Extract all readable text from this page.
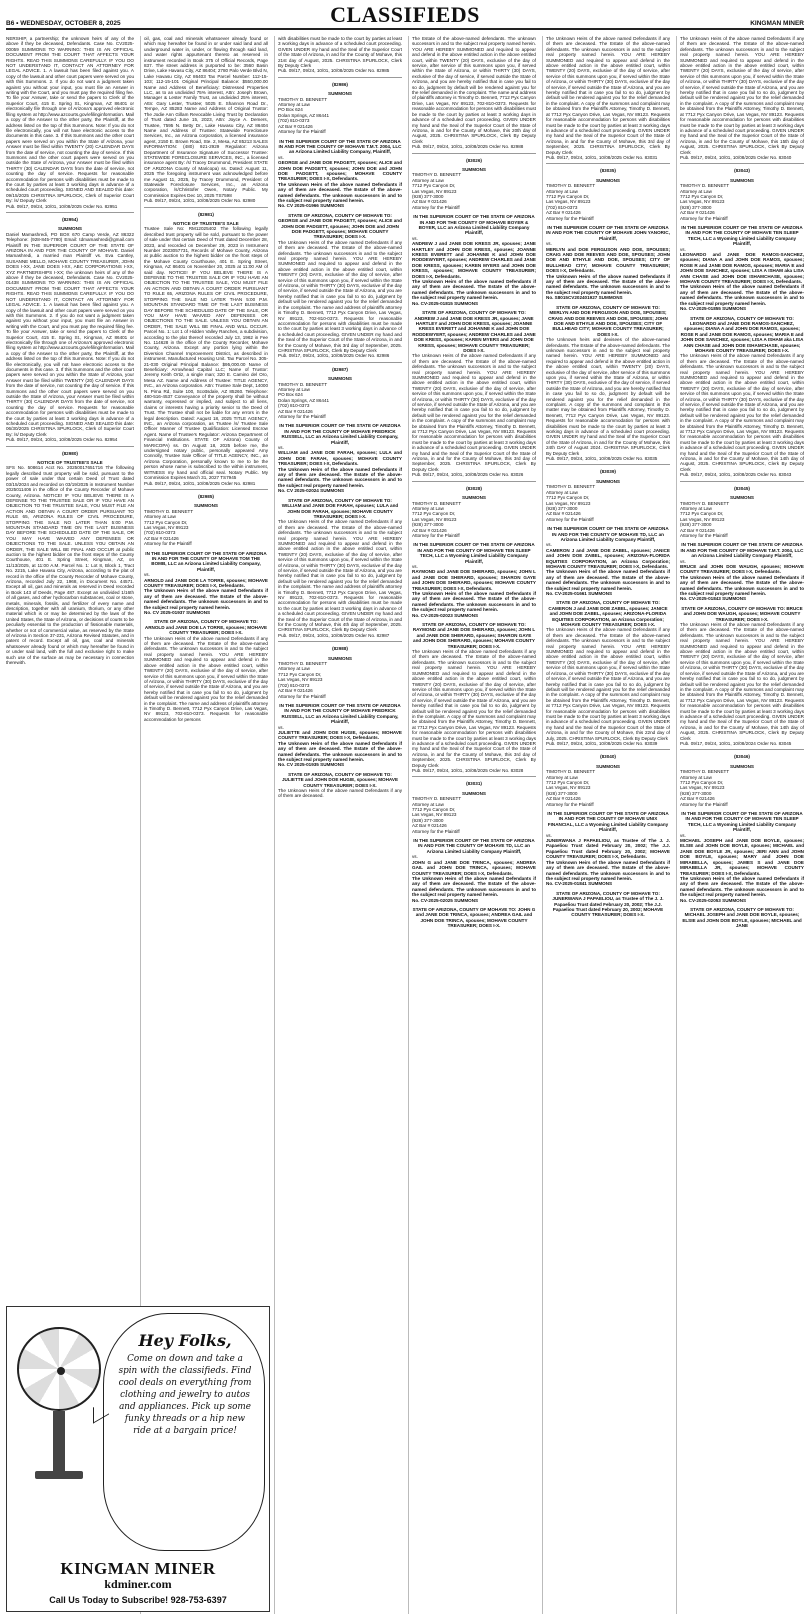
B6 • WEDNESDAY, OCTOBER 8, 2025	CLASSIFIEDS	KINGMAN MINER

NERSHIP, a partnership; the unknown heirs of any of the above if they be deceased, Defendants. Case No. CV2025-00059 SUMMONS TO WARNING: THIS IS AN OFFICIAL DOCUMENT FROM THE COURT THAT AFFECTS YOUR RIGHTS. READ THIS SUMMONS CAREFULLY. IF YOU DO NOT UNDERSTAND IT, CONTACT AN ATTORNEY FOR LEGAL ADVICE. 1. A lawsuit has been filed against you. A copy of the lawsuit and other court papers were served on you with this Summons. 2. If you do not want a judgment taken against you without your input, you must file an Answer in writing with the Court, and you must pay the required filing fee. To file your Answer, take or send the papers to Clerk of the Superior Court, 415 E. Spring St., Kingman, AZ 86401 or electronically file through one of Arizona's approved electronic filing system at http://www.azcourts.gov/efilinginformation. Mail a copy of the Answer to the other party, the Plaintiff, at the address listed on the top of this Summons. Note: If you do not file electronically, you will not have electronic access to the documents in this case. 3. If this Summons and the other court papers were served on you within the State of Arizona, your Answer must be filed within TWENTY (20) CALENDAR DAYS from the date of service, not counting the day of service. If this Summons and the other court papers were served on you outside the State of Arizona, your Answer must be filed within THIRTY (30) CALENDAR DAYS from the date of service, not counting the day of service. Requests for reasonable accommodation for persons with disabilities must be made to the court by parties at least 3 working days in advance of a scheduled court proceeding. SIGNED AND SEALED this date: 09/15/2025 CHRISTINA SPURLOCK, Clerk of Superior Court By: /s/ Deputy Clerk

Pub. 09/17, 09/24, 10/01, 10/08/2025 Order No. 82951

(82954)

SUMMONS

Daniel Mamashredi, PO BOX 670 Camp Verde, AZ 86322 Telephone: (928-845-7780) Email: tdmamashredi@gmail.com Plaintiff IN THE SUPERIOR COURT OF THE STATE OF ARIZONA IN AND FOR THE COUNTY OF MOHAVE. Daniel Mamashredi, a married man Plaintiff vs. Eva Cantley, SUSANNE MELLO, MOHAVE COUNTY TREASURER, JOHN DOES I-XX, JANE DOES I-XX, ABC CORPORATIONS I-XX, XYZ PARTNERSHIPS I-XX; the unknown heirs of any of the above if they be deceased, Defendants. Case No. CV2025-01438 SUMMONS TO WARNING: THIS IS AN OFFICIAL DOCUMENT FROM THE COURT THAT AFFECTS YOUR RIGHTS. READ THIS SUMMONS CAREFULLY. IF YOU DO NOT UNDERSTAND IT, CONTACT AN ATTORNEY FOR LEGAL ADVICE. 1. A lawsuit has been filed against you. A copy of the lawsuit and other court papers were served on you with this Summons. 2. If you do not want a judgment taken against you without your input, you must file an Answer in writing with the Court, and you must pay the required filing fee. To file your Answer, take or send the papers to Clerk of the Superior Court, 415 E. Spring St., Kingman, AZ 86401 or electronically file through one of Arizona's approved electronic filing system at http://www.azcourts.gov/efilinginformation. Mail a copy of the Answer to the other party, the Plaintiff, at the address listed on the top of this Summons. Note: If you do not file electronically, you will not have electronic access to the documents in this case. 3. If this Summons and the other court papers were served on you within the State of Arizona, your Answer must be filed within TWENTY (20) CALENDAR DAYS from the date of service, not counting the day of service. If this Summons and the other court papers were served on you outside the State of Arizona, your Answer must be filed within THIRTY (30) CALENDAR DAYS from the date of service, not counting the day of service. Requests for reasonable accommodation for persons with disabilities must be made to the court by parties at least 3 working days in advance of a scheduled court proceeding. SIGNED AND SEALED this date: 06/30/2025 CHRISTINA SPURLOCK, Clerk of Superior Court By: /s/ Deputy Clerk

Pub. 09/17, 09/24, 10/01, 10/08/2025 Order No. 82954

(82980)

NOTICE OF TRUSTEE'S SALE

SFS No. 508614 Acct No. 20250017651716 The following legally described trust property will be sold, pursuant to the power of sale under that certain Deed of Trust dated 03/15/2024 and recorded on 03/19/2025 in Instrument Number 2025011406 in the office of the County Recorder of Mohave County, Arizona. NOTICE! IF YOU BELIEVE THERE IS A DEFENSE TO THE TRUSTEE SALE OR IF YOU HAVE AN OBJECTION TO THE TRUSTEE SALE, YOU MUST FILE AN ACTION AND OBTAIN A COURT ORDER PURSUANT TO RULE 65, ARIZONA RULES OF CIVIL PROCEDURE, STOPPING THE SALE NO LATER THAN 5:00 P.M. MOUNTAIN STANDARD TIME ON THE LAST BUSINESS DAY BEFORE THE SCHEDULED DATE OF THE SALE, OR YOU MAY HAVE WAIVED ANY DEFENSES OR OBJECTIONS TO THE SALE. UNLESS YOU OBTAIN AN ORDER, THE SALE WILL BE FINAL AND OCCUR at public auction to the highest bidder on the front steps of the County Courthouse, 401 E. Spring Street, Kingman, AZ, on 11/13/2025, at 11:00 A.M. Parcel No. 1: Lot 8, Block 1, Tract No. 2215, Lake Havasu City, Arizona, according to the plat of record in the office of the County Recorder of Mohave County, Arizona, recorded July 22, 1968, in Document No. 44571. Except all oil, gas and minerals as reserved in Deed recorded in Book 143 of Deeds, Page 487. Except an undivided 1/16th of all gases, and other hydrocarbon substances, coal or stone, metals, minerals, fossils, and fertilizer of every name and description, together with all uranium, thorium, or any other material which is or may be determined by the laws of the United States, the State of Arizona, or decisions of courts to be peculiarly essential to the production of fissionable materials, whether or not of commercial value, as reserved by the State of Arizona in Section 37-231, Arizona Revised Statutes, and in patent of record. Except all oil, gas, coal and minerals whatsoever already found or which may hereafter be found in or under said land, with the full and exclusive right to make such use of the surface as may be necessary in connection therewith.

oil, gas, coal and minerals whatsoever already found or which may hereafter be found in or under said land and all underground water in, under, or flowing through said land, and water rights appurtenant thereto as reserved in instrument recorded in Book 375 of Official Records, Page 837. The street address is purported to be: 3560 Basin Drive, Lake Havasu City, AZ 86404; 2780 Palo Verde Blvd N, Lake Havasu City, AZ 86403 Tax Parcel Number: 112-15-103; 112-15-101 Original Principal Balance: $550,000.00 Name and Address of Beneficiary: Distressed Properties LLC, as to an undivided 75% interest, Attn: Joseph Brown, Manager & Lester Family Trust, an undivided 25% interest, Attn: Gary Lester, Trustee; 5025 E. Shannon Road Dr., Tempe, AZ 85283 Name and Address of Original Trustor: The Jodie Ann Gillam Revocable Living Trust by Declaration of Trust dated June 15, 2023, Attn: Joyce A. Demers, Trustee, 7595 N. Betty Dr., Lake Havasu City, AZ 86404 Name and Address of Trustee: Statewide Foreclosure Services, Inc., an Arizona corporation, a licensed insurance agent, 2150 E. Brown Road, Ste. 2, Mesa, AZ 85213 SALES INFORMATION: (480) 921-2929 Regulator: Arizona Department of Insurance Signature of Successor Trustee: STATEWIDE FORECLOSURE SERVICES, INC., a licensed insurance agent By: /s/ Tracey Drummond, President STATE OF ARIZONA County of Maricopa) ss. Dated: August 11, 2025 The foregoing instrument was acknowledged before me August 11, 2025, by Tracey Drummond, President of Statewide Foreclosure Services, Inc., an Arizona corporation, /s/Christofer Owen, Notary Public. My Commission Expires Dec 10, 2025 TS7598

Pub. 09/17, 09/24, 10/01, 10/08/2025 Order No. 82980

(82981)

NOTICE OF TRUSTEE'S SALE

Trustee Sale No: RM12025402 The following legally described trust property will be sold, pursuant to the power of sale under that certain Deed of Trust dated December 28, 2023, and recorded on December 29, 2023 in Instrument Number 2023057731, Records of Mohave County, Arizona at public auction to the highest bidder on the front steps of the Mohave County Courthouse, 401 E. Spring Street, Kingman, AZ 86401 on November 20, 2025 at 11:00 AM of said day. NOTICE! IF YOU BELIEVE THERE IS A DEFENSE TO THE TRUSTEE SALE OR IF YOU HAVE AN OBJECTION TO THE TRUSTEE SALE, YOU MUST FILE AN ACTION AND OBTAIN A COURT ORDER PURSUANT TO RULE 65, ARIZONA RULES OF CIVIL PROCEDURE, STOPPING THE SALE NO LATER THAN 5:00 P.M. MOUNTAIN STANDARD TIME OF THE LAST BUSINESS DAY BEFORE THE SCHEDULED DATE OF THE SALE, OR YOU MAY HAVE WAIVED ANY DEFENSES OR OBJECTIONS TO THE SALE. UNLESS YOU OBTAIN AN ORDER, THE SALE WILL BE FINAL AND WILL OCCUR. Parcel No. 1: Lot 1 of Hidden Valley Ranches, a subdivision, according to the plat thereof recorded July 13, 1962 in Fee No. 114628 in the office of the County Recorder, Mohave County, Arizona. Except any portion lying within the Diversion Channel Improvement District, as described in instrument. Manufactured Housing Unit. Tax Parcel No. 305-21-030 Original Principal Balance: $95,000.00 Name of Beneficiary: Arrowhead Capital LLC; Name of Trustor: Jeremy Keith Ortiz, a single man; 320 E. Camino del Oro, Mesa AZ. Name and Address of Trustee: TITLE AGENCY, INC., an Arizona corporation. Attn: Trustee Sale Dept, 14000 N. Pima Rd, Suite 100, Scottsdale, AZ 85260. Telephone: 480-516-4537 Conveyance of the property shall be without warranty, expressed or implied, and subject to all liens, claims or interests having a priority senior to the Deed of Trust. The Trustee shall not be liable for any errors in the legal description. Dated: August 18, 2025 TITLE AGENCY, INC., an Arizona corporation, as Trustee /s/ Trustee Sale Officer Manner of Trustee Qualification: Licensed Escrow Agent. Name of Trustee's Regulator: Arizona Department of Financial Institutions. STATE OF Arizona) County of MARICOPA) ss. On August 18, 2025 before me, the undersigned notary public, personally appeared Amy Connolly, Trustee Sale Officer of TITLE AGENCY, INC., an Arizona Corporation, personally known to me to be the person whose name is subscribed to the within instrument, WITNESS my hand and official seal. Notary Public. My Commission Expires March 31, 2027 TS7945

Pub. 09/17, 09/24, 10/01, 10/08/2025 Order No. 82981

(82985)

SUMMONS

TIMOTHY D. BENNETT

Attorney at Law

7712 Pyx Canyon Dr,

Las Vegas, NV 89123

(702) 810-0373

AZ Bar # 021426

Attorney for the Plaintiff

IN THE SUPERIOR COURT OF THE STATE OF ARIZONA IN AND FOR THE COUNTY OF MOHAVE TOM THE BOMB, LLC an Arizona Limited Liability Company, Plaintiff,

vs.

ARNOLD and JANE DOE LA TORRE, spouses; MOHAVE COUNTY TREASURER; DOES I-X, Defendants.

The Unknown Heirs of the above named Defendants if any of them are deceased. The Estate of the above-named defendants. The unknown successors in and to the subject real property named herein.

No. CV 2025-01937 SUMMONS

STATE OF ARIZONA, COUNTY OF MOHAVE TO: ARNOLD and JANE DOE LA TORRE, spouses; MOHAVE COUNTY TREASURER; DOES I-X.

The Unknown Heirs of the above named Defendants if any of them are deceased. The Estate of the above-named defendants. The unknown successors in and to the subject real property named herein. YOU ARE HEREBY SUMMONED and required to appear and defend in the above entitled action in the above entitled court, within TWENTY (20) DAYS, exclusive of the day of service, after service of this summons upon you, if served within the State of Arizona, or within THIRTY (30) DAYS, exclusive of the day of service, if served outside the State of Arizona, and you are hereby notified that in case you fail to so do, judgment by default will be rendered against you for the relief demanded in the complaint. The name and address of plaintiffs attorney is Timothy D. Bennett, 7712 Pyx Canyon Drive, Las Vegas, NV 89123, 702-810-0373. Requests for reasonable accommodation for persons

with disabilities must be made to the court by parties at least 3 working days in advance of a scheduled court proceeding. GIVEN UNDER my hand and the Seal of the Superior Court of the State of Arizona, in and for the County of Mohave, this 21st day of August, 2025. CHRISTINA SPURLOCK, Clerk By Deputy Clerk

Pub. 09/17, 09/24, 10/01, 10/08/2025 Order No. 82985

(82986)

SUMMONS

TIMOTHY D. BENNETT

Attorney at Law

PO Box 624

Dolan Springs, AZ 86441

(702) 810-0373

AZ Bar # 021426

Attorney for the Plaintiff

IN THE SUPERIOR COURT OF THE STATE OF ARIZONA IN AND FOR THE COUNTY OF MOHAVE T.M.T. 2004, LLC an Arizona Limited Liability Company, Plaintiff,

vs.

GEORGE and JANE DOE PADGETT, spouses; ALICE and JOHN DOE PADGETT, spouses; JOHN DOE and JOHN DOE PADGETT, spouses; MOHAVE COUNTY TREASURER; DOES I-X, Defendants.

The Unknown Heirs of the above named Defendants if any of them are deceased. The Estate of the above-named defendants. The unknown successors in and to the subject real property named herein.

No. CV 2025-01966 SUMMONS

STATE OF ARIZONA, COUNTY OF MOHAVE TO: GEORGE and JANE DOE PADGETT, spouses; ALICE and JOHN DOE PADGETT, spouses; JOHN DOE and JOHN DOE PADGETT, spouses; MOHAVE COUNTY TREASURER; DOES I-X.

The Unknown Heirs of the above named Defendants if any of them are deceased. The Estate of the above-named defendants. The unknown successors in and to the subject real property named herein. YOU ARE HEREBY SUMMONED and required to appear and defend in the above entitled action in the above entitled court, within TWENTY (20) DAYS, exclusive of the day of service, after service of this summons upon you, if served within the State of Arizona, or within THIRTY (30) DAYS, exclusive of the day of service, if served outside the State of Arizona, and you are hereby notified that in case you fail to so do, judgment by default will be rendered against you for the relief demanded in the complaint. The name and address of plaintiffs attorney is Timothy D. Bennett, 7712 Pyx Canyon Drive, Las Vegas, NV 89123, 702-810-0373. Requests for reasonable accommodation for persons with disabilities must be made to the court by parties at least 3 working days in advance of a scheduled court proceeding. GIVEN UNDER my hand and the Seal of the Superior Court of the State of Arizona, in and for the County of Mohave, this 3rd day of September, 2025. CHRISTINA SPURLOCK, Clerk By Deputy Clerk

Pub. 09/17, 09/24, 10/01, 10/08/2025 Order No. 82986

(82987)

SUMMONS

TIMOTHY D. BENNETT

Attorney at Law

PO Box 624

Dolan Springs, AZ 86441

(702) 810-0373

AZ Bar # 021426

Attorney for the Plaintiff

IN THE SUPERIOR COURT OF THE STATE OF ARIZONA IN AND FOR THE COUNTY OF MOHAVE FREDRICK RUSSELL, LLC an Arizona Limited Liability Company, Plaintiff,

vs.

WILLIAM and JANE DOE FARAH, spouses; LULA and JOHN DOE FARAH, spouses; MOHAVE COUNTY TREASURER; DOES I-X, Defendants.

The Unknown Heirs of the above named Defendants if any of them are deceased. The Estate of the above-named defendants. The unknown successors in and to the subject real property named herein.

No. CV 2025-02024 SUMMONS

STATE OF ARIZONA, COUNTY OF MOHAVE TO: WILLIAM and JANE DOE FARAH, spouses; LULA and JOHN DOE FARAH, spouses; MOHAVE COUNTY TREASURER; DOES I-X.

The Unknown Heirs of the above named Defendants if any of them are deceased. The Estate of the above-named defendants. The unknown successors in and to the subject real property named herein. YOU ARE HEREBY SUMMONED and required to appear and defend in the above entitled action in the above entitled court, within TWENTY (20) DAYS, exclusive of the day of service, after service of this summons upon you, if served within the State of Arizona, or within THIRTY (30) DAYS, exclusive of the day of service, if served outside the State of Arizona, and you are hereby notified that in case you fail to so do, judgment by default will be rendered against you for the relief demanded in the complaint. The name and address of plaintiffs attorney is Timothy D. Bennett, 7712 Pyx Canyon Drive, Las Vegas, NV 89123, 702-810-0373. Requests for reasonable accommodation for persons with disabilities must be made to the court by parties at least 3 working days in advance of a scheduled court proceeding. GIVEN UNDER my hand and the Seal of the Superior Court of the State of Arizona, in and for the County of Mohave, this 4th day of September, 2025. CHRISTINA SPURLOCK, Clerk By Deputy Clerk

Pub. 09/17, 09/24, 10/01, 10/08/2025 Order No. 82987

(82988)

SUMMONS

TIMOTHY D. BENNETT

Attorney at Law

7712 Pyx Canyon Dr,

Las Vegas, NV 89123

(702) 810-0373

AZ Bar # 021426

Attorney for the Plaintiff

IN THE SUPERIOR COURT OF THE STATE OF ARIZONA IN AND FOR THE COUNTY OF MOHAVE FREDRICK RUSSELL, LLC an Arizona Limited Liability Company, Plaintiff,

vs.

JULIETTE and JOHN DOE HUGIE, spouses; MOHAVE COUNTY TREASURER; DOES I-X, Defendants.

The Unknown Heirs of the above named Defendants if any of them are deceased. The Estate of the above-named defendants. The unknown successors in and to the subject real property named herein.

No. CV 2025-01935 SUMMONS

STATE OF ARIZONA, COUNTY OF MOHAVE TO: JULIETTE and JOHN DOE HUGIE, spouses; MOHAVE COUNTY TREASURER; DOES I-X.

The Unknown Heirs of the above named Defendants if any of them are deceased.

The Estate of the above-named defendants. The unknown successors in and to the subject real property named herein. YOU ARE HEREBY SUMMONED and required to appear and defend in the above entitled action in the above entitled court, within TWENTY (20) DAYS, exclusive of the day of service, after service of this summons upon you, if served within the State of Arizona, or within THIRTY (30) DAYS, exclusive of the day of service, if served outside the State of Arizona, and you are hereby notified that in case you fail to so do, judgment by default will be rendered against you for the relief demanded in the complaint. The name and address of plaintiffs attorney is Timothy D. Bennett, 7712 Pyx Canyon Drive, Las Vegas, NV 89123, 702-810-0373. Requests for reasonable accommodation for persons with disabilities must be made to the court by parties at least 3 working days in advance of a scheduled court proceeding. GIVEN UNDER my hand and the Seal of the Superior Court of the State of Arizona, in and for the County of Mohave, this 20th day of August, 2025. CHRISTINA SPURLOCK, Clerk By Deputy Clerk

Pub. 09/17, 09/24, 10/01, 10/08/2025 Order No. 82988

(83026)

SUMMONS

TIMOTHY D. BENNETT

Attorney at Law

7712 Pyx Canyon Dr,

Las Vegas, NV 89123

(928) 377-3000

AZ Bar # 021426

Attorney for the Plaintiff

IN THE SUPERIOR COURT OF THE STATE OF ARIZONA IN AND FOR THE COUNTY OF MOHAVE BOYER & BOYER, LLC an Arizona Limited Liability Company Plaintiff,

vs.

ANDREW J and JANE DOE KRESS JR, spouses; JANE HARTLEY and JOHN DOE KRESS, spouses; JOANNE KRESS EVERETT and JOHANNE K and JOHN DOE RODDEWYERT, spouses; ANDREW CHARLES and JANE DOE KRESS, spouses; KAREN MYERS and JOHN DOE KRESS, spouses; MOHAVE COUNTY TREASURER; DOES I-X, Defendants.

The Unknown Heirs of the above named Defendants if any of them are deceased. The Estate of the above-named defendants. The unknown successors in and to the subject real property named herein.

No. CV-2025-01815 SUMMONS

STATE OF ARIZONA, COUNTY OF MOHAVE TO: ANDREW J and JANE DOE KRESS JR, spouses; JANE HARTLEY and JOHN DOE KRESS, spouses; JOANNE KRESS EVERETT and JOHANNE K and JOHN DOE RODDEWYERT, spouses; ANDREW CHARLES and JANE DOE KRESS, spouses; KAREN MYERS and JOHN DOE KRESS, spouses; MOHAVE COUNTY TREASURER; DOES I-X.

The Unknown Heirs of the above named Defendants if any of them are deceased. The Estate of the above-named defendants. The unknown successors in and to the subject real property named herein. YOU ARE HEREBY SUMMONED and required to appear and defend in the above entitled action in the above entitled court, within TWENTY (20) DAYS, exclusive of the day of service, after service of this summons upon you, if served within the State of Arizona, or within THIRTY (30) DAYS, exclusive of the day of service, if served outside the State of Arizona, and you are hereby notified that in case you fail to so do, judgment by default will be rendered against you for the relief demanded in the complaint. A copy of the summons and complaint may be obtained from the Plaintiffs Attorney, Timothy D. Bennett, at 7712 Pyx Canyon Drive, Las Vegas, NV 89123. Requests for reasonable accommodation for persons with disabilities must be made to the court by parties at least 3 working days in advance of a scheduled court proceeding. GIVEN UNDER my hand and the Seal of the Superior Court of the State of Arizona, in and for the County of Mohave, this 3rd day of September, 2025. CHRISTINA SPURLOCK, Clerk By Deputy Clerk

Pub. 09/17, 09/24, 10/01, 10/08/2025 Order No. 83026

(83028)

SUMMONS

TIMOTHY D. BENNETT

Attorney at Law

7712 Pyx Canyon Dr,

Las Vegas, NV 89123

(928) 377-3000

AZ Bar # 021426

Attorney for the Plaintiff

IN THE SUPERIOR COURT OF THE STATE OF ARIZONA IN AND FOR THE COUNTY OF MOHAVE TEN SLEEP TECH, LLC a Wyoming Limited Liability Company Plaintiff,

vs.

RAYMOND and JANE DOE SHERARD, spouses; JOHN L and JANE DOE SHERARD, spouses; SHARON GAYE and JOHN DOE SHERARD, spouses; MOHAVE COUNTY TREASURER; DOES I-X, Defendants.

The Unknown Heirs of the above named Defendants if any of them are deceased. The Estate of the above-named defendants. The unknown successors in and to the subject real property named herein.

No. CV-2025-02023 SUMMONS

STATE OF ARIZONA, COUNTY OF MOHAVE TO: RAYMOND and JANE DOE SHERARD, spouses; JOHN L and JANE DOE SHERARD, spouses; SHARON GAYE and JOHN DOE SHERARD, spouses; MOHAVE COUNTY TREASURER; DOES I-X.

The Unknown Heirs of the above named Defendants if any of them are deceased. The Estate of the above-named defendants. The unknown successors in and to the subject real property named herein. YOU ARE HEREBY SUMMONED and required to appear and defend in the above entitled action in the above entitled court, within TWENTY (20) DAYS, exclusive of the day of service, after service of this summons upon you, if served within the State of Arizona, or within THIRTY (30) DAYS, exclusive of the day of service, if served outside the State of Arizona, and you are hereby notified that in case you fail to so do, judgment by default will be rendered against you for the relief demanded in the complaint. A copy of the summons and complaint may be obtained from the Plaintiffs Attorney, Timothy D. Bennett, at 7712 Pyx Canyon Drive, Las Vegas, NV 89123. Requests for reasonable accommodation for persons with disabilities must be made to the court by parties at least 3 working days in advance of a scheduled court proceeding. GIVEN UNDER my hand and the Seal of the Superior Court of the State of Arizona, in and for the County of Mohave, this 3rd day of September, 2025. CHRISTINA SPURLOCK, Clerk By Deputy Clerk

Pub. 09/17, 09/24, 10/01, 10/08/2025 Order No. 83028

(83031)

SUMMONS

TIMOTHY D. BENNETT

Attorney at Law

7712 Pyx Canyon Dr,

Las Vegas, NV 89123

(928) 377-3000

AZ Bar # 021426

Attorney for the Plaintiff

IN THE SUPERIOR COURT OF THE STATE OF ARIZONA IN AND FOR THE COUNTY OF MOHAVE TD, LLC an Arizona Limited Liability Company Plaintiff,

vs.

JOHN G and JANE DOE TRINCA, spouses; ANDREA GAIL and JOHN DOE TRINCA, spouses; MOHAVE COUNTY TREASURER; DOES I-X, Defendants.

The Unknown Heirs of the above named Defendants if any of them are deceased. The Estate of the above-named defendants. The unknown successors in and to the subject real property named herein.

No. CV-2025-02025 SUMMONS

STATE OF ARIZONA, COUNTY OF MOHAVE TO: JOHN G and JANE DOE TRINCA, spouses; ANDREA GAIL and JOHN DOE TRINCA, spouses; MOHAVE COUNTY TREASURER; DOES I-X.

The Unknown Heirs of the above named Defendants if any of them are deceased. The Estate of the above-named defendants. The unknown successors in and to the subject real property named herein. YOU ARE HEREBY SUMMONED and required to appear and defend in the above entitled action in the above entitled court, within TWENTY (20) DAYS, exclusive of the day of service, after service of this summons upon you, if served within the State of Arizona, or within THIRTY (30) DAYS, exclusive of the day of service, if served outside the State of Arizona, and you are hereby notified that in case you fail to so do, judgment by default will be rendered against you for the relief demanded in the complaint. A copy of the summons and complaint may be obtained from the Plaintiffs Attorney, Timothy D. Bennett, at 7712 Pyx Canyon Drive, Las Vegas, NV 89123. Requests for reasonable accommodation for persons with disabilities must be made to the court by parties at least 3 working days in advance of a scheduled court proceeding. GIVEN UNDER my hand and the Seal of the Superior Court of the State of Arizona, in and for the County of Mohave, this 3rd day of September, 2025. CHRISTINA SPURLOCK, Clerk By Deputy Clerk

Pub. 09/17, 09/24, 10/01, 10/08/2025 Order No. 83031

(83035)

SUMMONS

TIMOTHY D. BENNETT

Attorney at Law

7712 Pyx Canyon Dr,

Las Vegas, NV 89123

(702) 810-0373

AZ Bar # 021426

Attorney for the Plaintiff

IN THE SUPERIOR COURT OF THE STATE OF ARIZONA IN AND FOR THE COUNTY OF MOHAVE JOHN YANORIC, Plaintiff,

vs.

MERLYN and DOE FERGUSON AND DOE, SPOUSES; CRAIG AND DOE REEVES AND DOE, SPOUSES; JOHN DOE AND ETHYLE AND DOE, SPOUSES; CITY OF BULLHEAD CITY; MOHAVE COUNTY TREASURER; DOES I-X, Defendants.

The Unknown Heirs of the above named Defendants if any of them are deceased. The Estate of the above-named defendants. The unknown successors in and to the subject real property named herein.

No. S8015CV202401927 SUMMONS

STATE OF ARIZONA, COUNTY OF MOHAVE TO: MERLYN AND DOE FERGUSON AND DOE, SPOUSES; CRAIG AND DOE REEVES AND DOE, SPOUSES; JOHN DOE AND ETHYLE AND DOE, SPOUSES; CITY OF BULLHEAD CITY; MOHAVE COUNTY TREASURER; DOES I-X.

The Unknown heirs and devisees of the above-named defendants. The Estate of the above-named defendants. The unknown successors in and to the subject real property named herein. YOU ARE HEREBY SUMMONED and required to appear and defend in the above entitled action in the above entitled court, within TWENTY (20) DAYS, exclusive of the day of service, after service of this summons upon you, if served within the State of Arizona, or within THIRTY (30) DAYS, exclusive of the day of service, if served outside the State of Arizona, and you are hereby notified that in case you fail to so do, judgment by default will be rendered against you for the relief demanded in the complaint. A copy of the summons and complaint in this matter may be obtained from Plaintiffs Attorney, Timothy D. Bennett, 7712 Pyx Canyon Drive, Las Vegas, NV 89123. Requests for reasonable accommodation for persons with disabilities must be made to the court by parties at least 3 working days in advance of a scheduled court proceeding. GIVEN UNDER my hand and the Seal of the Superior Court of the State of Arizona, in and for the County of Mohave, this 24th DAY of August 2024. CHRISTINA SPURLOCK, Clerk By Deputy Clerk

Pub. 09/17, 09/24, 10/01, 10/08/2025 Order No. 83035

(83039)

SUMMONS

TIMOTHY D. BENNETT

Attorney at Law

7712 Pyx Canyon Dr,

Las Vegas, NV 89123

(928) 377-3000

AZ Bar # 021426

Attorney for the Plaintiff

IN THE SUPERIOR COURT OF THE STATE OF ARIZONA IN AND FOR THE COUNTY OF MOHAVE TD, LLC an Arizona Limited Liability Company Plaintiff,

vs.

CAMERON J and JANE DOE ZABEL, spouses; JANICE and JOHN DOE ZABEL, spouses; ARIZONA-FLORIDA EQUITIES CORPORATION, an Arizona Corporation; MOHAVE COUNTY TREASURER; DOES I-X, Defendants.

The Unknown Heirs of the above named Defendants if any of them are deceased. The Estate of the above-named defendants. The unknown successors in and to the subject real property named herein.

No. CV-2025-01661 SUMMONS

STATE OF ARIZONA, COUNTY OF MOHAVE TO: CAMERON J and JANE DOE ZABEL, spouses; JANICE and JOHN DOE ZABEL, spouses; ARIZONA-FLORIDA EQUITIES CORPORATION, an Arizona Corporation; MOHAVE COUNTY TREASURER; DOES I-X.

The Unknown Heirs of the above named Defendants if any of them are deceased. The Estate of the above-named defendants. The unknown successors in and to the subject real property named herein. YOU ARE HEREBY SUMMONED and required to appear and defend in the above entitled action in the above entitled court, within TWENTY (20) DAYS, exclusive of the day of service, after service of this summons upon you, if served within the State of Arizona, or within THIRTY (30) DAYS, exclusive of the day of service, if served outside the State of Arizona, and you are hereby notified that in case you fail to so do, judgment by default will be rendered against you for the relief demanded in the complaint. A copy of the summons and complaint may be obtained from the Plaintiffs Attorney, Timothy D. Bennett, at 7712 Pyx Canyon Drive, Las Vegas, NV 89123. Requests for reasonable accommodation for persons with disabilities must be made to the court by parties at least 3 working days in advance of a scheduled court proceeding. GIVEN UNDER my hand and the Seal of the Superior Court of the State of Arizona, in and for the County of Mohave, this 22nd day of July, 2025. CHRISTINA SPURLOCK, Clerk By Deputy Clerk

Pub. 09/17, 09/24, 10/01, 10/08/2025 Order No. 83039

(83040)

SUMMONS

TIMOTHY D. BENNETT

Attorney at Law

7712 Pyx Canyon Dr,

Las Vegas, NV 89123

(928) 377-3000

AZ Bar # 021426

Attorney for the Plaintiff

IN THE SUPERIOR COURT OF THE STATE OF ARIZONA IN AND FOR THE COUNTY OF MOHAVE UNIX FINANCIAL, LLC a Wyoming Limited Liability Company Plaintiff,

vs.

JUNERWANA J PAPAELIOU, as Trustee of The J. J. Papaeliou Trust dated February 20, 2002; The J.J. Papaeliou Trust dated February 20, 2002; MOHAVE COUNTY TREASURER; DOES I-X, Defendants.

The Unknown Heirs of the above named Defendants if any of them are deceased. The Estate of the above-named defendants. The unknown successors in and to the subject real property named herein.

No. CV-2025-01841 SUMMONS

STATE OF ARIZONA, COUNTY OF MOHAVE TO: JUNERWANA J PAPAELIOU, as Trustee of The J. J. Papaeliou Trust dated February 20, 2002; The J.J. Papaeliou Trust dated February 20, 2002; MOHAVE COUNTY TREASURER; DOES I-X.

The Unknown Heirs of the above named Defendants if any of them are deceased. The Estate of the above-named defendants. The unknown successors in and to the subject real property named herein. YOU ARE HEREBY SUMMONED and required to appear and defend in the above entitled action in the above entitled court, within TWENTY (20) DAYS, exclusive of the day of service, after service of this summons upon you, if served within the State of Arizona, or within THIRTY (30) DAYS, exclusive of the day of service, if served outside the State of Arizona, and you are hereby notified that in case you fail to so do, judgment by default will be rendered against you for the relief demanded in the complaint. A copy of the summons and complaint may be obtained from the Plaintiffs Attorney, Timothy D. Bennett, at 7712 Pyx Canyon Drive, Las Vegas, NV 89123. Requests for reasonable accommodation for persons with disabilities must be made to the court by parties at least 3 working days in advance of a scheduled court proceeding. GIVEN UNDER my hand and the Seal of the Superior Court of the State of Arizona, in and for the County of Mohave, this 15th day of August, 2025. CHRISTINA SPURLOCK, Clerk By Deputy Clerk

Pub. 09/17, 09/24, 10/01, 10/08/2025 Order No. 83040

(83043)

SUMMONS

TIMOTHY D. BENNETT

Attorney at Law

7712 Pyx Canyon Dr,

Las Vegas, NV 89123

(928) 377-3000

AZ Bar # 021426

Attorney for the Plaintiff

IN THE SUPERIOR COURT OF THE STATE OF ARIZONA IN AND FOR THE COUNTY OF MOHAVE TEN SLEEP TECH, LLC a Wyoming Limited Liability Company Plaintiff,

vs.

LEONARDO and JANE DOE RAMOS-SANCHEZ, spouses; DIANA A and JOHN DOE RAMOS, spouses; ROSE R and JANE DOE RAMOS, spouses; MARIA E and JOHN DOE SANCHEZ, spouses; LISA A ISHAM aka LISA ANN CHASE and JOHN DOE ISHAMCHASE, spouses; MOHAVE COUNTY TREASURER; DOES I-X, Defendants.

The Unknown Heirs of the above named Defendants if any of them are deceased. The Estate of the above-named defendants. The unknown successors in and to the subject real property named herein.

No. CV-2025-01855 SUMMONS

STATE OF ARIZONA, COUNTY OF MOHAVE TO: LEONARDO and JANE DOE RAMOS-SANCHEZ, spouses; DIANA A and JOHN DOE RAMOS, spouses; ROSE R and JANE DOE RAMOS, spouses; MARIA E and JOHN DOE SANCHEZ, spouses; LISA A ISHAM aka LISA ANN CHASE and JOHN DOE ISHAMCHASE, spouses; MOHAVE COUNTY TREASURER; DOES I-X.

The Unknown Heirs of the above named Defendants if any of them are deceased. The Estate of the above-named defendants. The unknown successors in and to the subject real property named herein. YOU ARE HEREBY SUMMONED and required to appear and defend in the above entitled action in the above entitled court, within TWENTY (20) DAYS, exclusive of the day of service, after service of this summons upon you, if served within the State of Arizona, or within THIRTY (30) DAYS, exclusive of the day of service, if served outside the State of Arizona, and you are hereby notified that in case you fail to so do, judgment by default will be rendered against you for the relief demanded in the complaint. A copy of the summons and complaint may be obtained from the Plaintiffs Attorney, Timothy D. Bennett, at 7712 Pyx Canyon Drive, Las Vegas, NV 89123. Requests for reasonable accommodation for persons with disabilities must be made to the court by parties at least 3 working days in advance of a scheduled court proceeding. GIVEN UNDER my hand and the Seal of the Superior Court of the State of Arizona, in and for the County of Mohave, this 14th day of August, 2025. CHRISTINA SPURLOCK, Clerk By Deputy Clerk

Pub. 09/17, 09/24, 10/01, 10/08/2025 Order No. 83043

(83045)

SUMMONS

TIMOTHY D. BENNETT

Attorney at Law

7712 Pyx Canyon Dr,

Las Vegas, NV 89123

(928) 377-3000

AZ Bar # 021426

Attorney for the Plaintiff

IN THE SUPERIOR COURT OF THE STATE OF ARIZONA IN AND FOR THE COUNTY OF MOHAVE T.M.T. 2004, LLC an Arizona Limited Liability Company Plaintiff,

vs.

BRUCE and JOHN DOE WAUGH, spouses; MOHAVE COUNTY TREASURER; DOES I-X, Defendants.

The Unknown Heirs of the above named Defendants if any of them are deceased. The Estate of the above-named defendants. The unknown successors in and to the subject real property named herein.

No. CV-2025-01843 SUMMONS

STATE OF ARIZONA, COUNTY OF MOHAVE TO: BRUCE and JOHN DOE WAUGH, spouses; MOHAVE COUNTY TREASURER; DOES I-X.

The Unknown Heirs of the above named Defendants if any of them are deceased. The Estate of the above-named defendants. The unknown successors in and to the subject real property named herein. YOU ARE HEREBY SUMMONED and required to appear and defend in the above entitled action in the above entitled court, within TWENTY (20) DAYS, exclusive of the day of service, after service of this summons upon you, if served within the State of Arizona, or within THIRTY (30) DAYS, exclusive of the day of service, if served outside the State of Arizona, and you are hereby notified that in case you fail to so do, judgment by default will be rendered against you for the relief demanded in the complaint. A copy of the summons and complaint may be obtained from the Plaintiffs Attorney, Timothy D. Bennett, at 7712 Pyx Canyon Drive, Las Vegas, NV 89123. Requests for reasonable accommodation for persons with disabilities must be made to the court by parties at least 3 working days in advance of a scheduled court proceeding. GIVEN UNDER my hand and the Seal of the Superior Court of the State of Arizona, in and for the County of Mohave, this 14th day of August, 2025. CHRISTINA SPURLOCK, Clerk By Deputy Clerk

Pub. 09/17, 09/24, 10/01, 10/08/2024 Order No. 83045

(83046)

SUMMONS

TIMOTHY D. BENNETT

Attorney at Law

7712 Pyx Canyon Dr,

Las Vegas, NV 89123

(928) 377-3000

AZ Bar # 021426

Attorney for the Plaintiff

IN THE SUPERIOR COURT OF THE STATE OF ARIZONA IN AND FOR THE COUNTY OF MOHAVE TEN SLEEP TECH, LLC a Wyoming Limited Liability Company Plaintiff,

vs.

MICHAEL JOSEPH and JANE DOE BOYLE, spouses; ELSIE and JOHN DOE BOYLE, spouses; MICHAEL and JANE DOE BOYLE JR, spouses; JERI ANN and JOHN DOE BOYLE, spouses; MARY and JOHN DOE MIRABELLA, spouses; JAMES S and JANE DOE MIRABELLA JR, spouses; MOHAVE COUNTY TREASURER; DOES I-X, Defendants.

The Unknown Heirs of the above named Defendants if any of them are deceased. The Estate of the above-named defendants. The unknown successors in and to the subject real property named herein.

No. CV-2025-02053 SUMMONS

STATE OF ARIZONA, COUNTY OF MOHAVE TO: MICHAEL JOSEPH and JANE DOE BOYLE, spouses; ELSIE and JOHN DOE BOYLE, spouses; MICHAEL and JANE

Hey Folks,
Come on down and take a spin with the classifieds. Find cool deals on everything from clothing and jewelry to autos and appliances. Pick up some funky threads or a hip new ride at a bargain price!
KINGMAN MINER
kdminer.com
Call Us Today to Subscribe! 928-753-6397
